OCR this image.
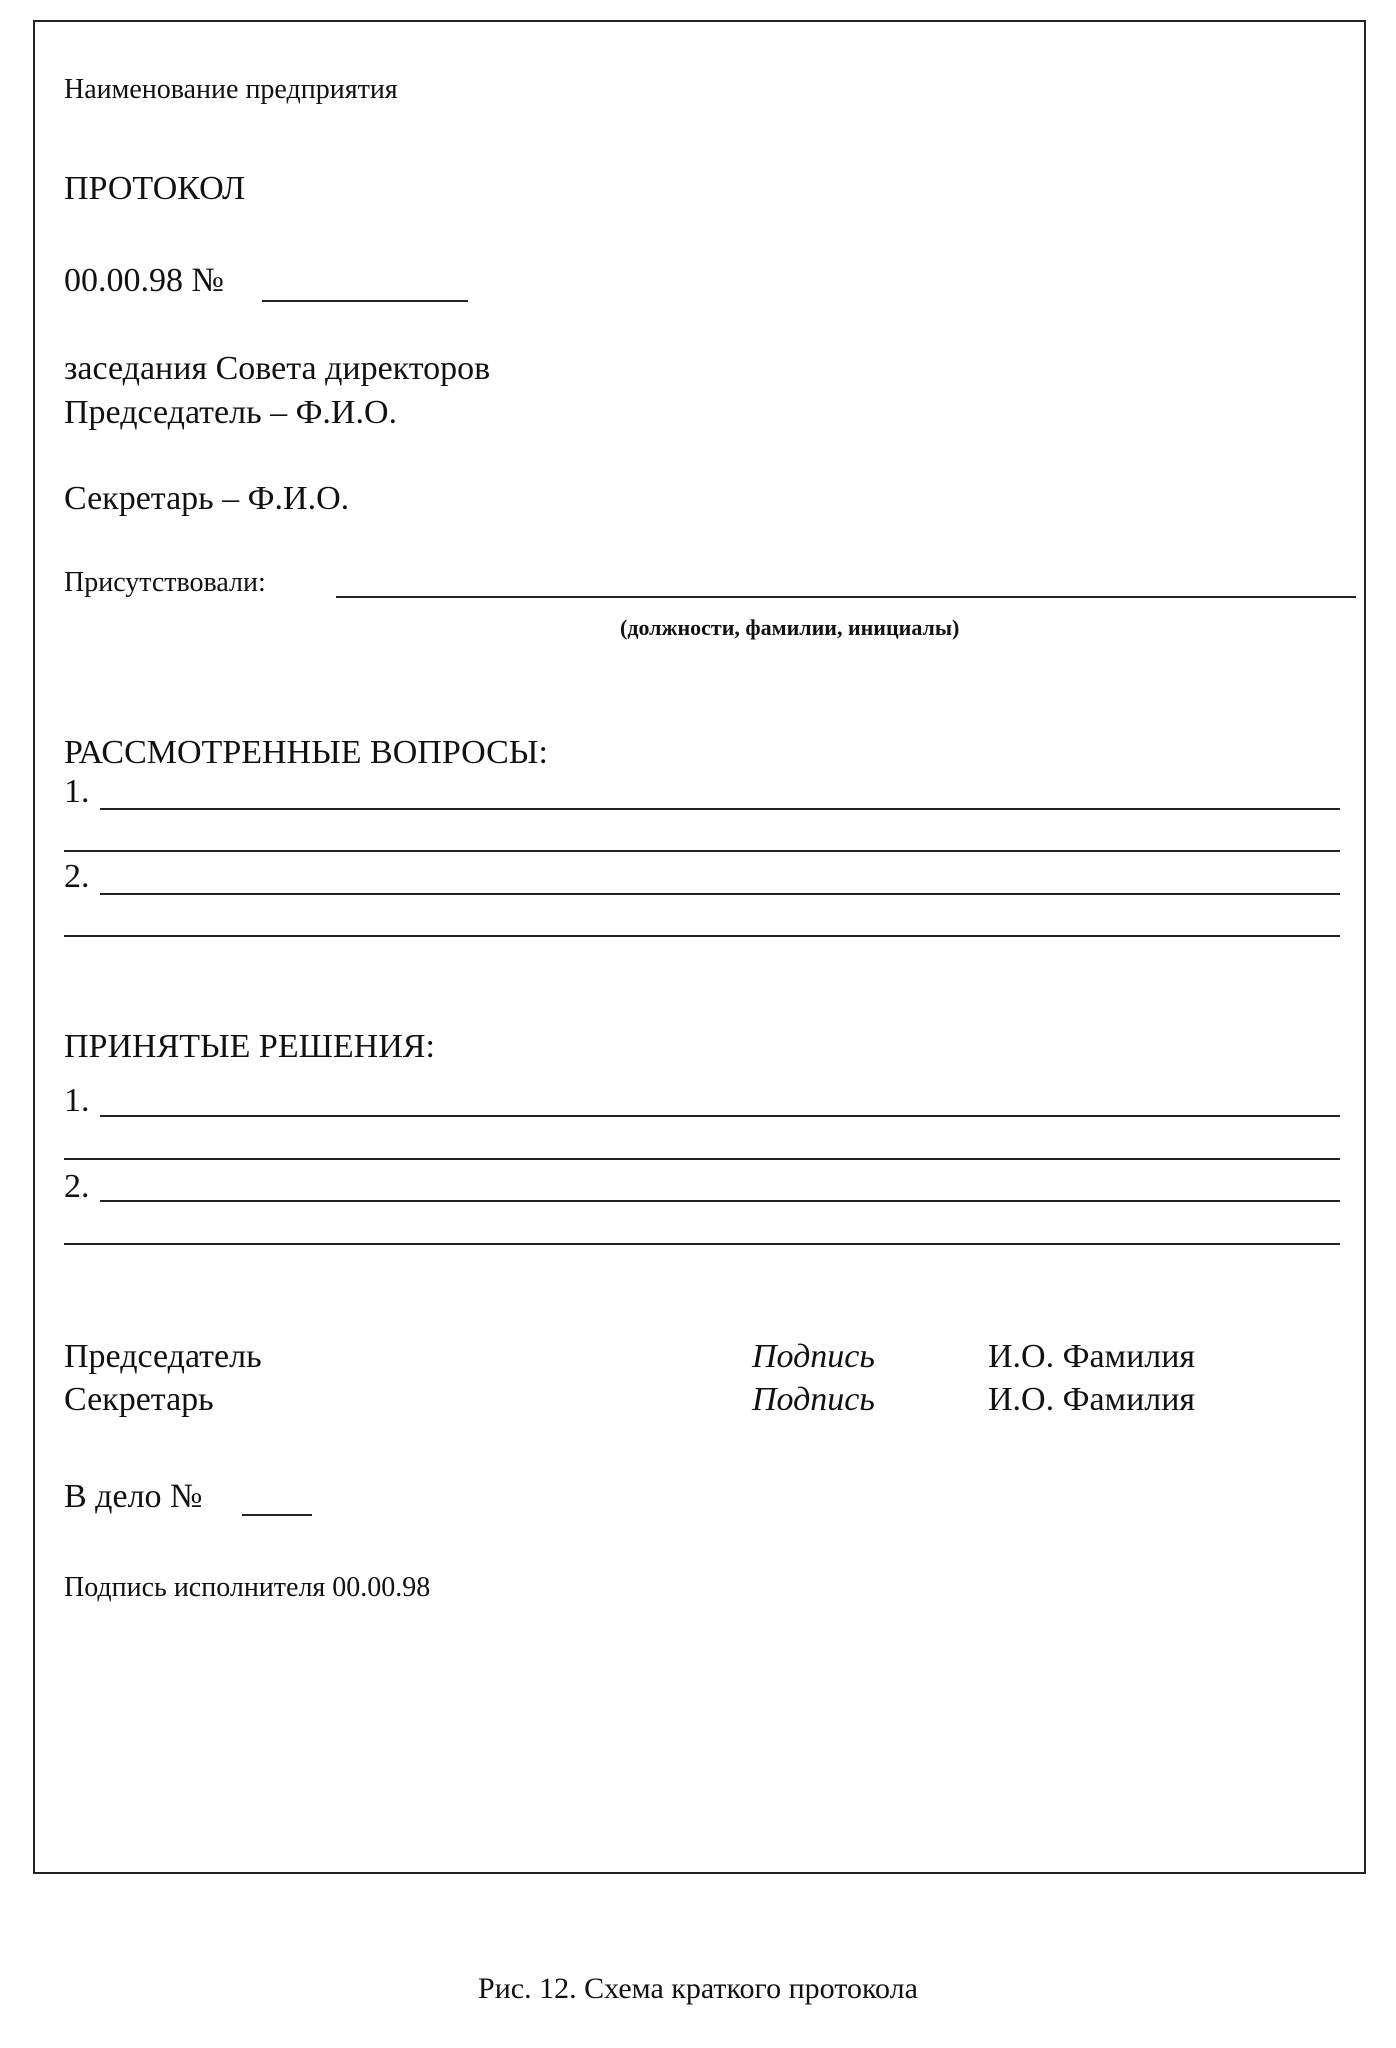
Наименование предприятия
ПРОТОКОЛ
00.00.98 №
заседания Совета директоров
Председатель – Ф.И.О.
Секретарь – Ф.И.О.
Присутствовали:
(должности, фамилии, инициалы)
РАССМОТРЕННЫЕ ВОПРОСЫ:
1.
2.
ПРИНЯТЫЕ РЕШЕНИЯ:
1.
2.
Председатель	Подпись	И.О. Фамилия
Секретарь	Подпись	И.О. Фамилия
В дело №
Подпись исполнителя 00.00.98
Рис. 12. Схема краткого протокола
